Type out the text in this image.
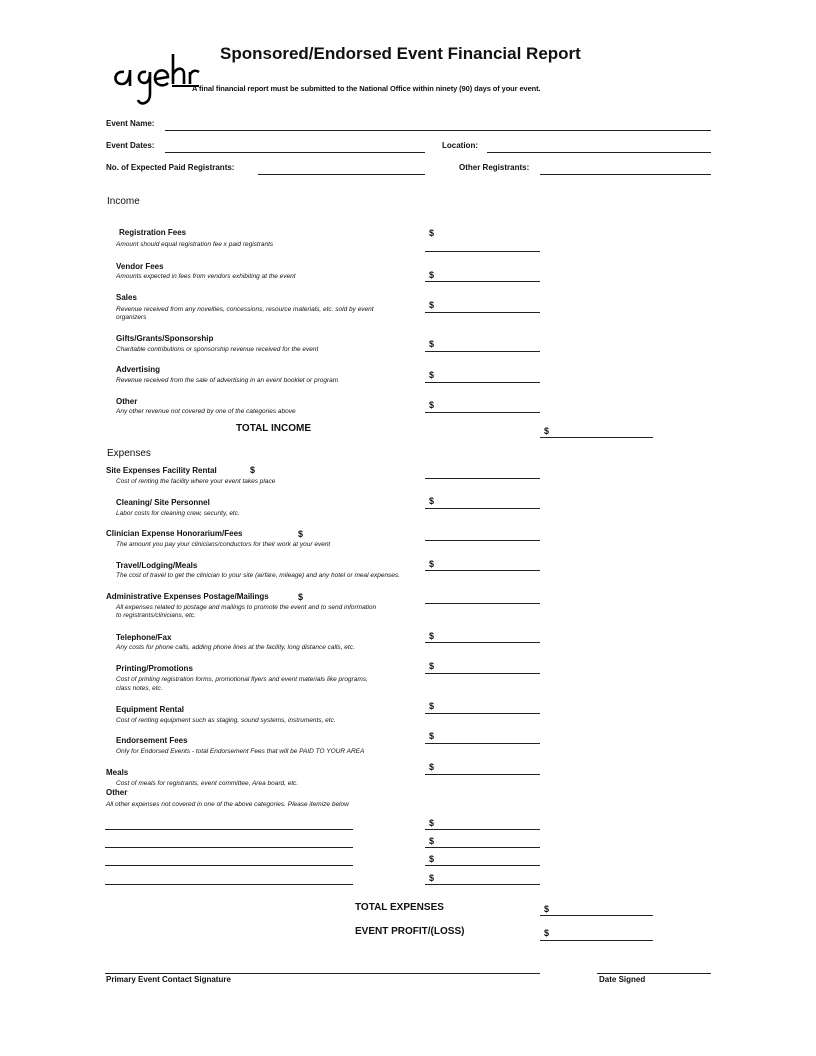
Sponsored/Endorsed Event Financial Report
A final financial report must be submitted to the National Office within ninety (90) days of your event.
Event Name:
Event Dates:	Location:
No. of Expected Paid Registrants:	Other Registrants:
Income
Registration Fees
Amount should equal registration fee x paid registrants
$
Vendor Fees
Amounts expected in fees from vendors exhibiting at the event	$
Sales
Revenue received from any novelties, concessions, resource materials, etc. sold by event
organizers
$
Gifts/Grants/Sponsorship
Charitable contributions or sponsorship revenue received for the event
$
Advertising
Revenue received from the sale of advertising in an event booklet or program
$
Other
Any other revenue not covered by one of the categories above
$
TOTAL INCOME	$
Expenses
Site Expenses Facility Rental	$
Cost of renting the facility where your event takes place
Cleaning/ Site Personnel
Labor costs for cleaning crew, security, etc.
$
Clinician Expense Honorarium/Fees	$
The amount you pay your clinicians/conductors for their work at your event
Travel/Lodging/Meals
The cost of travel to get the clinician to your site (airfare, mileage) and any hotel or meal expenses.
$
Administrative Expenses Postage/Mailings	$
All expenses related to postage and mailings to promote the event and to send information
to registrants/clinicians, etc.
Telephone/Fax
Any costs for phone calls, adding phone lines at the facility, long distance calls, etc.
$
Printing/Promotions
Cost of printing registration forms, promotional flyers and event materials like programs,
class notes, etc.
$
Equipment Rental
Cost of renting equipment such as staging, sound systems, instruments, etc.
$
Endorsement Fees
Only for Endorsed Events - total Endorsement Fees that will be PAID TO YOUR AREA
$
Meals
Cost of meals for registrants, event committee, Area board, etc.
$
Other
All other expenses not covered in one of the above categories. Please itemize below
$
$
$
$
TOTAL EXPENSES	$
EVENT PROFIT/(LOSS)	$
Primary Event Contact Signature	Date Signed
